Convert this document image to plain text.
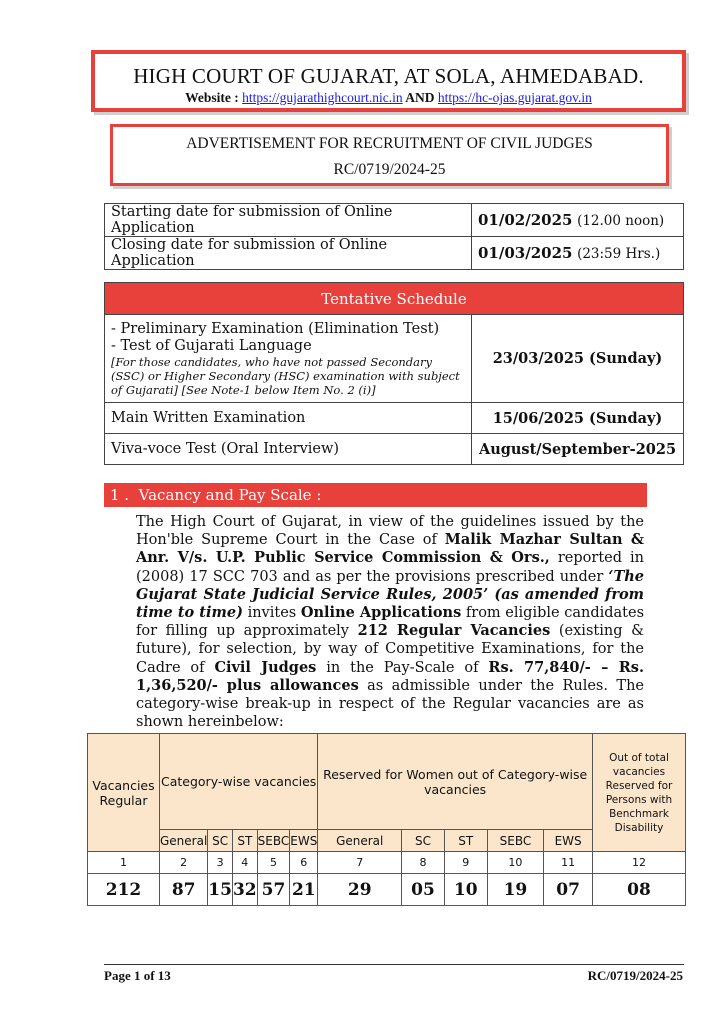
HIGH COURT OF GUJARAT, AT SOLA, AHMEDABAD.
Website : https://gujarathighcourt.nic.in AND https://hc-ojas.gujarat.gov.in
ADVERTISEMENT FOR RECRUITMENT OF CIVIL JUDGES
RC/0719/2024-25
Starting date for submission of Online Application	01/02/2025 (12.00 noon)
Closing date for submission of Online Application	01/03/2025 (23:59 Hrs.)
Tentative Schedule	

- Preliminary Examination (Elimination Test)
- Test of Gujarati Language
[For those candidates, who have not passed Secondary (SSC) or Higher Secondary (HSC) examination with subject of Gujarati] [See Note-1 below Item No. 2 (i)]	23/03/2025 (Sunday)
Main Written Examination	15/06/2025 (Sunday)
Viva-voce Test (Oral Interview)	August/September-2025
1 . Vacancy and Pay Scale :
The High Court of Gujarat, in view of the guidelines issued by the Hon'ble Supreme Court in the Case of Malik Mazhar Sultan & Anr. V/s. U.P. Public Service Commission & Ors., reported in (2008) 17 SCC 703 and as per the provisions prescribed under ‘The Gujarat State Judicial Service Rules, 2005’ (as amended from time to time) invites Online Applications from eligible candidates for filling up approximately 212 Regular Vacancies (existing & future), for selection, by way of Competitive Examinations, for the Cadre of Civil Judges in the Pay-Scale of Rs. 77,840/- – Rs. 1,36,520/- plus allowances as admissible under the Rules. The category-wise break-up in respect of the Regular vacancies are as shown hereinbelow:
Vacancies Regular	Category-wise vacancies					Reserved for Women out of Category-wise vacancies					Out of total vacancies Reserved for Persons with Benchmark Disability
	General	SC	ST	SEBC	EWS	General	SC	ST	SEBC	EWS	
1	2	3	4	5	6	7	8	9	10	11	12
212	87	15	32	57	21	29	05	10	19	07	08
Page 1 of 13	RC/0719/2024-25
